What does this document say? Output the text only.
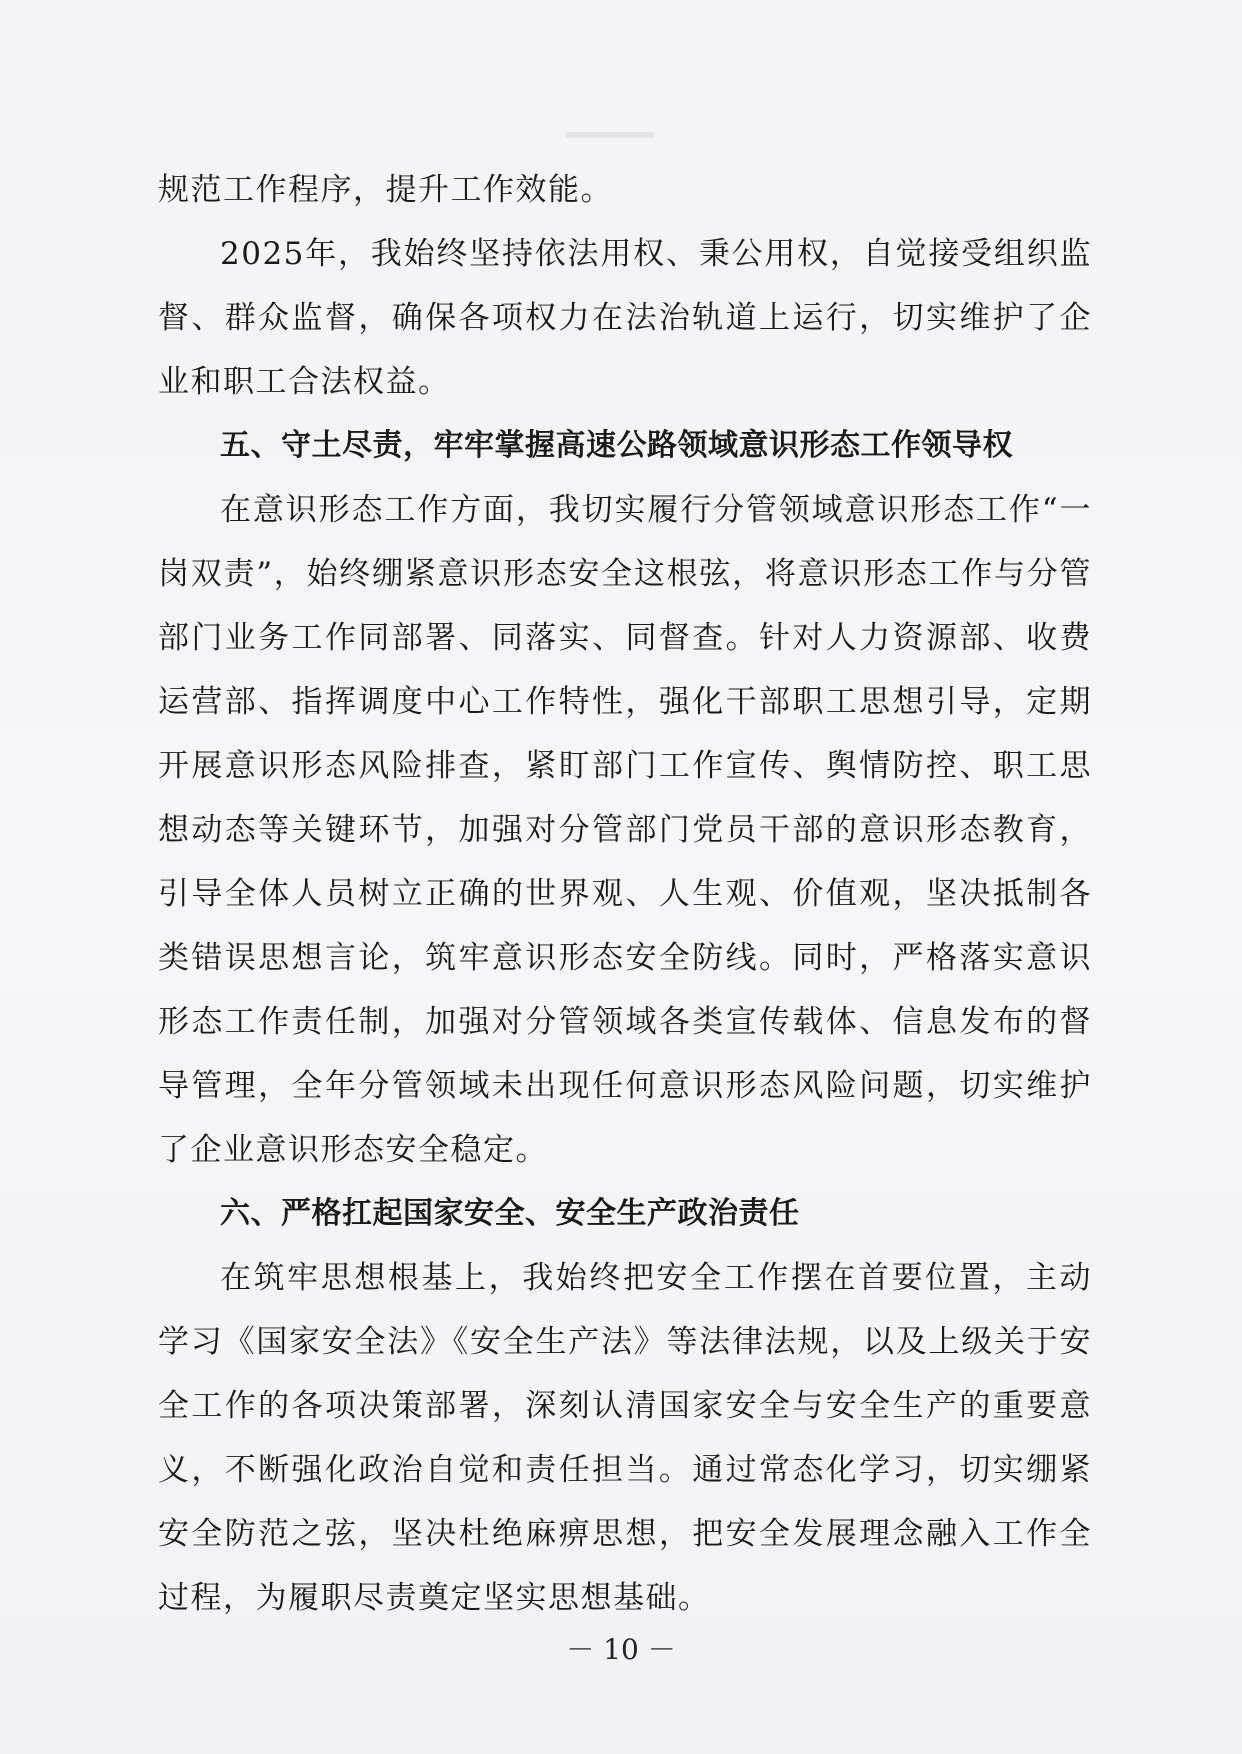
规范工作程序，提升工作效能。

2025年，我始终坚持依法用权、秉公用权，自觉接受组织监督、群众监督，确保各项权力在法治轨道上运行，切实维护了企业和职工合法权益。

五、守土尽责，牢牢掌握高速公路领域意识形态工作领导权

在意识形态工作方面，我切实履行分管领域意识形态工作“一岗双责”，始终绷紧意识形态安全这根弦，将意识形态工作与分管部门业务工作同部署、同落实、同督查。针对人力资源部、收费运营部、指挥调度中心工作特性，强化干部职工思想引导，定期开展意识形态风险排查，紧盯部门工作宣传、舆情防控、职工思想动态等关键环节，加强对分管部门党员干部的意识形态教育，引导全体人员树立正确的世界观、人生观、价值观，坚决抵制各类错误思想言论，筑牢意识形态安全防线。同时，严格落实意识形态工作责任制，加强对分管领域各类宣传载体、信息发布的督导管理，全年分管领域未出现任何意识形态风险问题，切实维护了企业意识形态安全稳定。

六、严格扛起国家安全、安全生产政治责任

在筑牢思想根基上，我始终把安全工作摆在首要位置，主动学习《国家安全法》《安全生产法》等法律法规，以及上级关于安全工作的各项决策部署，深刻认清国家安全与安全生产的重要意义，不断强化政治自觉和责任担当。通过常态化学习，切实绷紧安全防范之弦，坚决杜绝麻痹思想，把安全发展理念融入工作全过程，为履职尽责奠定坚实思想基础。

－ 10 －
